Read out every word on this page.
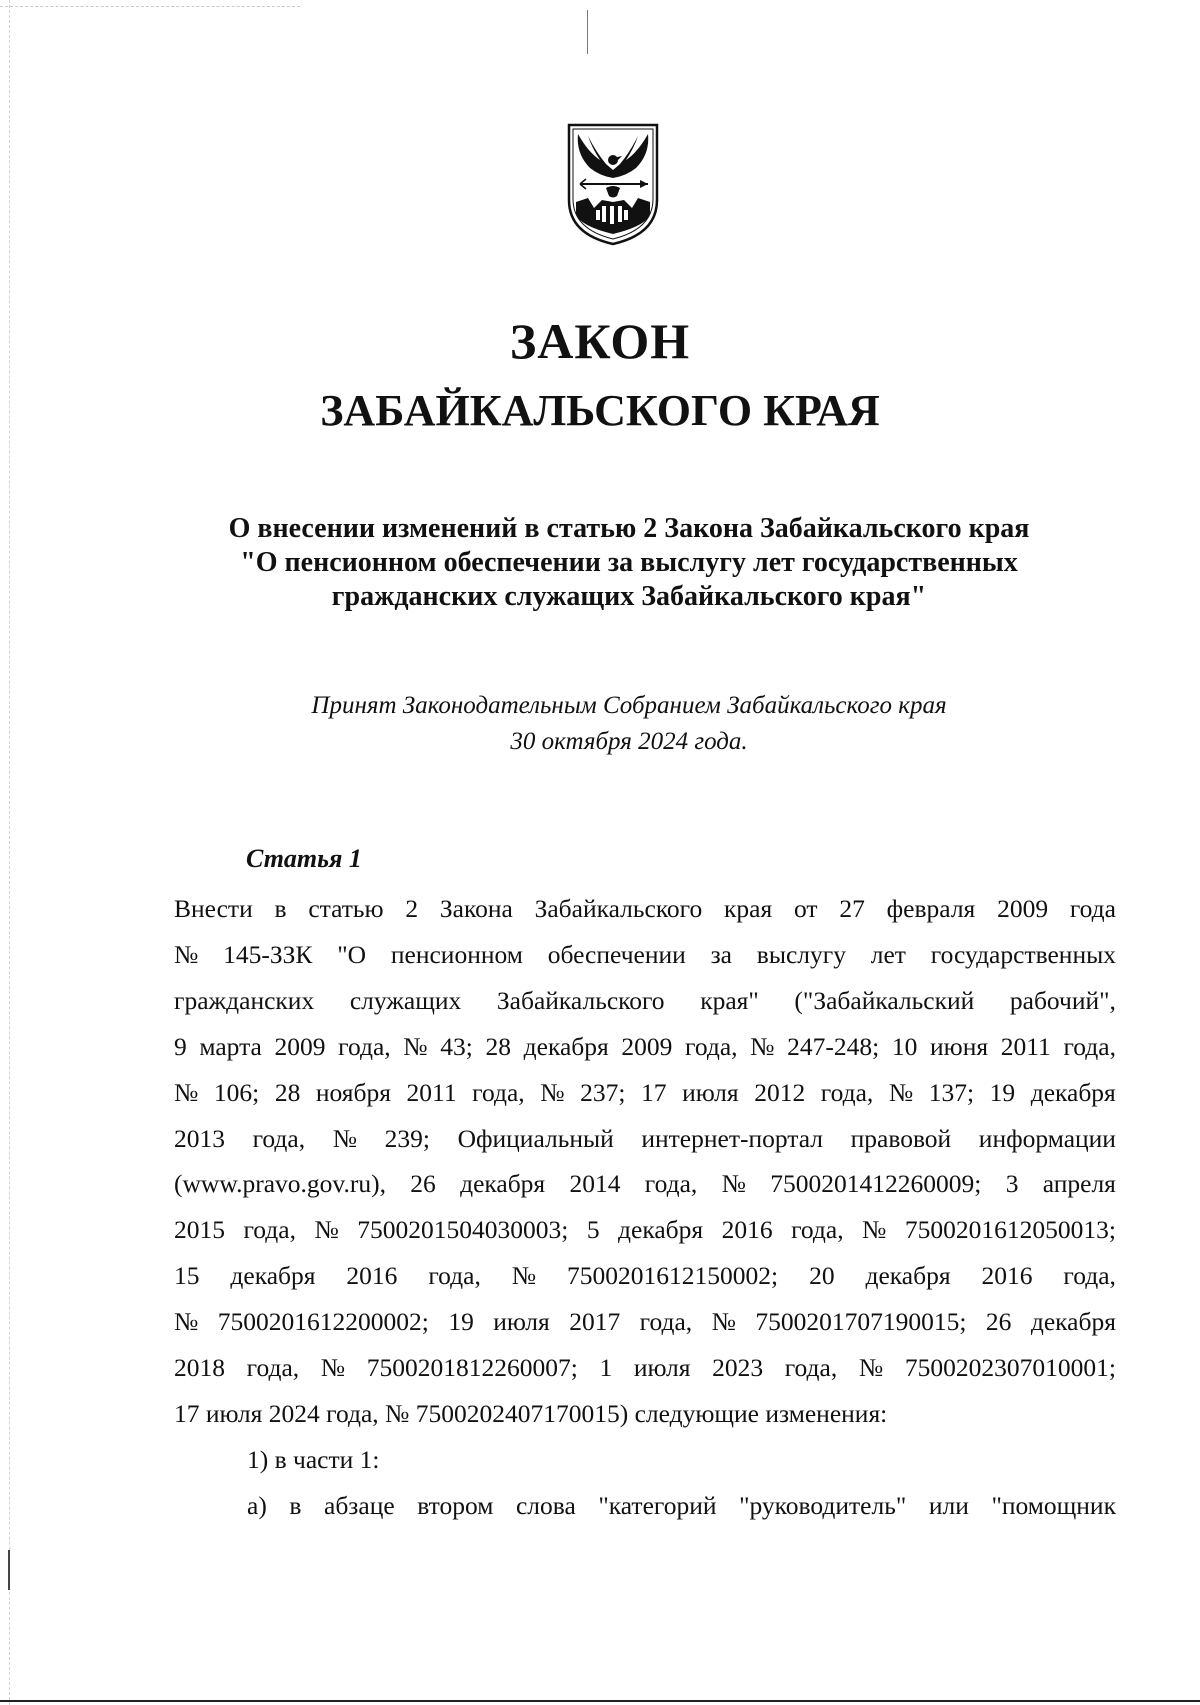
ЗАКОН
ЗАБАЙКАЛЬСКОГО КРАЯ
О внесении изменений в статью 2 Закона Забайкальского края
"О пенсионном обеспечении за выслугу лет государственных
гражданских служащих Забайкальского края"
Принят Законодательным Собранием Забайкальского края
30 октября 2024 года.
Статья 1
Внести в статью 2 Закона Забайкальского края от 27 февраля 2009 года
№ 145-ЗЗК "О пенсионном обеспечении за выслугу лет государственных
гражданских служащих Забайкальского края" ("Забайкальский рабочий",
9 марта 2009 года, № 43; 28 декабря 2009 года, № 247-248; 10 июня 2011 года,
№ 106; 28 ноября 2011 года, № 237; 17 июля 2012 года, № 137; 19 декабря
2013 года, № 239; Официальный интернет-портал правовой информации
(www.pravo.gov.ru), 26 декабря 2014 года, № 7500201412260009; 3 апреля
2015 года, № 7500201504030003; 5 декабря 2016 года, № 7500201612050013;
15 декабря 2016 года, № 7500201612150002; 20 декабря 2016 года,
№ 7500201612200002; 19 июля 2017 года, № 7500201707190015; 26 декабря
2018 года, № 7500201812260007; 1 июля 2023 года, № 7500202307010001;
17 июля 2024 года, № 7500202407170015) следующие изменения:
1) в части 1:
а) в абзаце втором слова "категорий "руководитель" или "помощник
